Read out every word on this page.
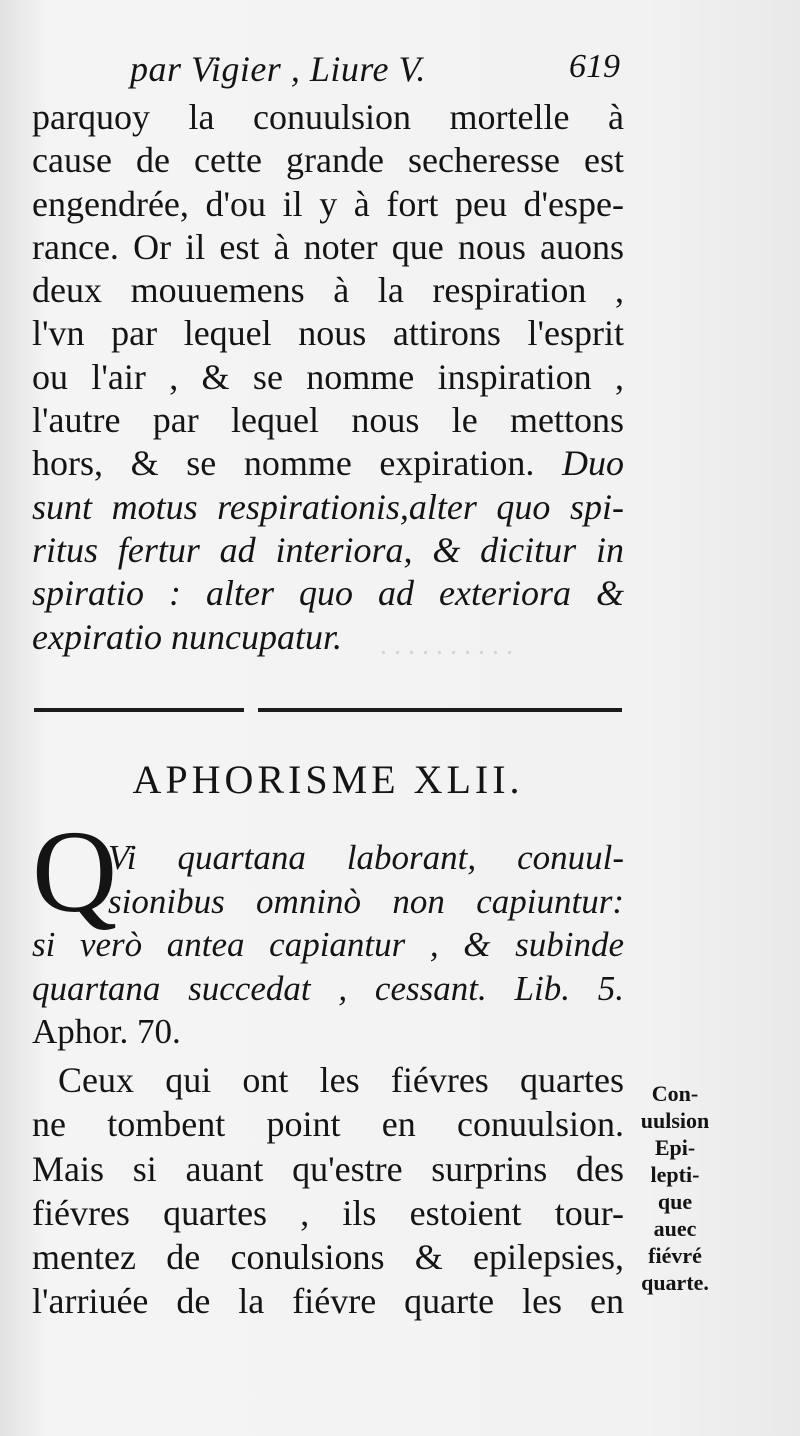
. . . . . . . . . .
par Vigier , Liure V.	619
parquoy la conuulsion mortelle à
cause de cette grande secheresse est
engendrée, d'ou il y à fort peu d'espe-
rance. Or il est à noter que nous auons
deux mouuemens à la respiration ,
l'vn par lequel nous attirons l'esprit
ou l'air , & se nomme inspiration ,
l'autre par lequel nous le mettons
hors, & se nomme expiration. Duo
sunt motus respirationis,alter quo spi-
ritus fertur ad interiora, & dicitur in
spiratio : alter quo ad exteriora &
expiratio nuncupatur.
APHORISME XLII.
Q
Vi quartana laborant, conuul-
sionibus omninò non capiuntur:
si verò antea capiantur , & subinde
quartana succedat , cessant. Lib. 5.
Aphor. 70.
Ceux qui ont les fiévres quartes
ne tombent point en conuulsion.
Mais si auant qu'estre surprins des
fiévres quartes , ils estoient tour-
mentez de conulsions & epilepsies,
l'arriuée de la fiévre quarte les en
Con-
uulsion
Epi-
lepti-
que
auec
fiévré
quarte.
